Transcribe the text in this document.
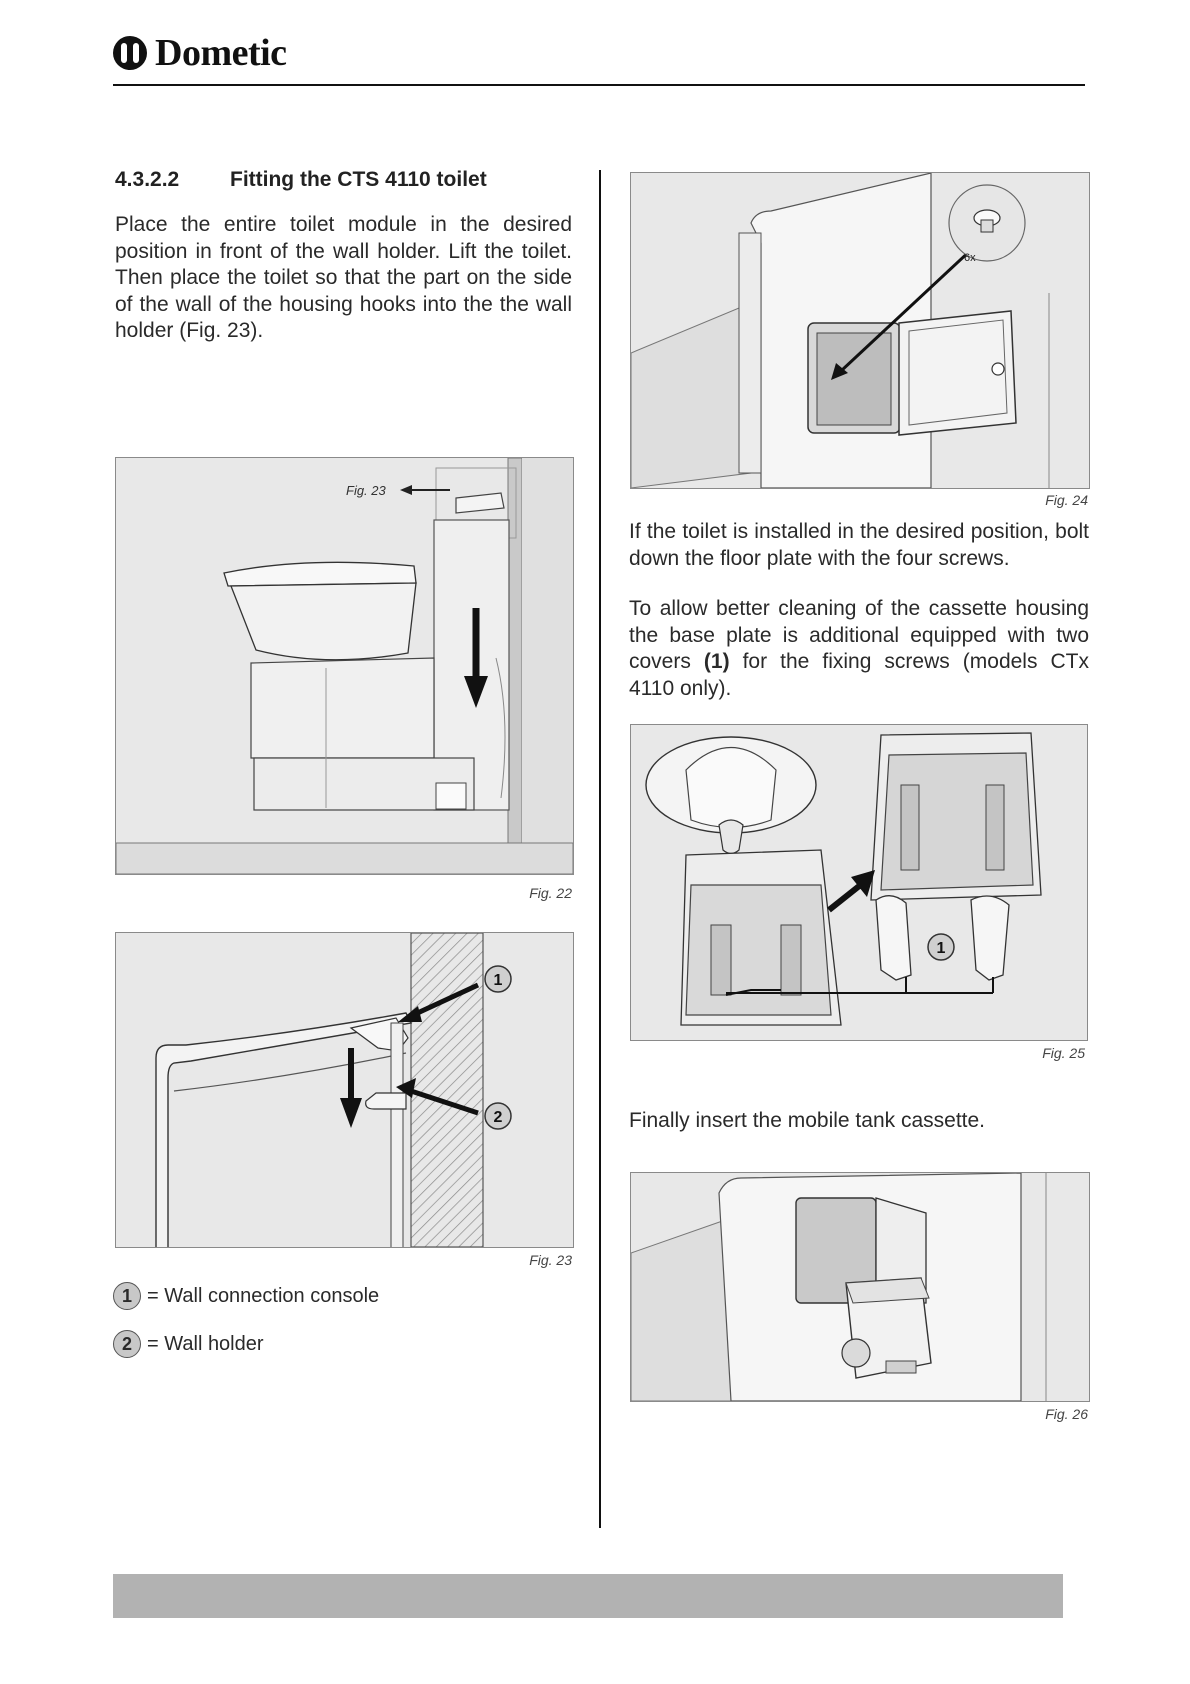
Dometic
4.3.2.2 Fitting the CTS 4110 toilet
Place the entire toilet module in the desired position in front of the wall holder. Lift the toilet. Then place the toilet so that the part on the side of the wall of the housing hooks into the the wall holder (Fig. 23).
Fig. 23
Fig. 22
1
2
Fig. 23
1 = Wall connection console
2 = Wall holder
6x
Fig. 24
If the toilet is installed in the desired position, bolt down the floor plate with the four screws.
To allow better cleaning of the cassette housing the base plate is additional equipped with two covers (1) for the fixing screws (models CTx 4110 only).
1
Fig. 25
Finally insert the mobile tank cassette.
Fig. 26
